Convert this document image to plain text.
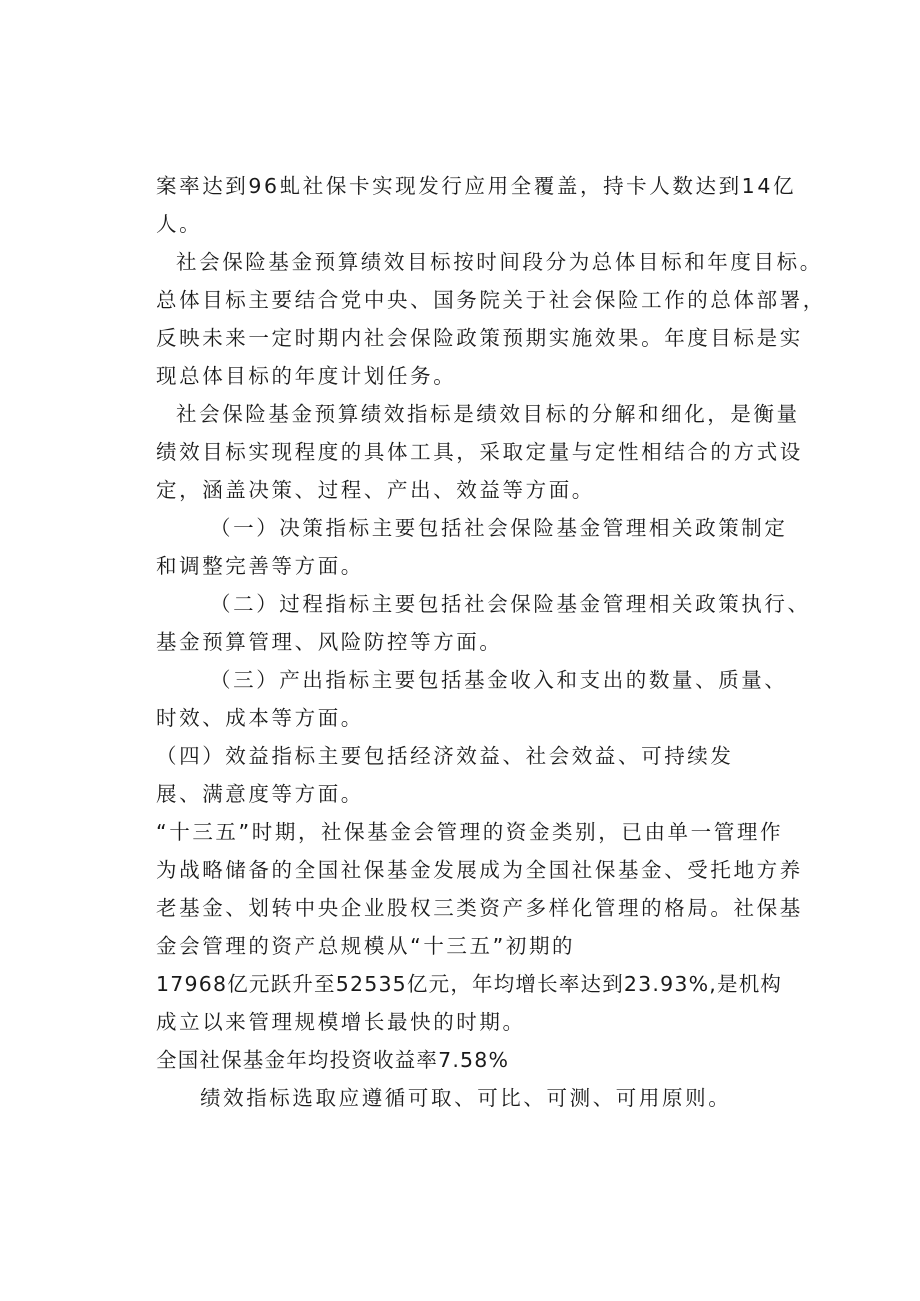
案率达到96虬社保卡实现发行应用全覆盖，持卡人数达到14亿

人。

社会保险基金预算绩效目标按时间段分为总体目标和年度目标。

总体目标主要结合党中央、国务院关于社会保险工作的总体部署，

反映未来一定时期内社会保险政策预期实施效果。年度目标是实

现总体目标的年度计划任务。

社会保险基金预算绩效指标是绩效目标的分解和细化，是衡量

绩效目标实现程度的具体工具，采取定量与定性相结合的方式设

定，涵盖决策、过程、产出、效益等方面。

（一）决策指标主要包括社会保险基金管理相关政策制定

和调整完善等方面。

（二）过程指标主要包括社会保险基金管理相关政策执行、

基金预算管理、风险防控等方面。

（三）产出指标主要包括基金收入和支出的数量、质量、

时效、成本等方面。

（四）效益指标主要包括经济效益、社会效益、可持续发

展、满意度等方面。

“十三五”时期，社保基金会管理的资金类别，已由单一管理作

为战略储备的全国社保基金发展成为全国社保基金、受托地方养

老基金、划转中央企业股权三类资产多样化管理的格局。社保基

金会管理的资产总规模从“十三五”初期的

17968亿元跃升至52535亿元，年均增长率达到23.93%,是机构

成立以来管理规模增长最快的时期。

全国社保基金年均投资收益率7.58%

绩效指标选取应遵循可取、可比、可测、可用原则。
